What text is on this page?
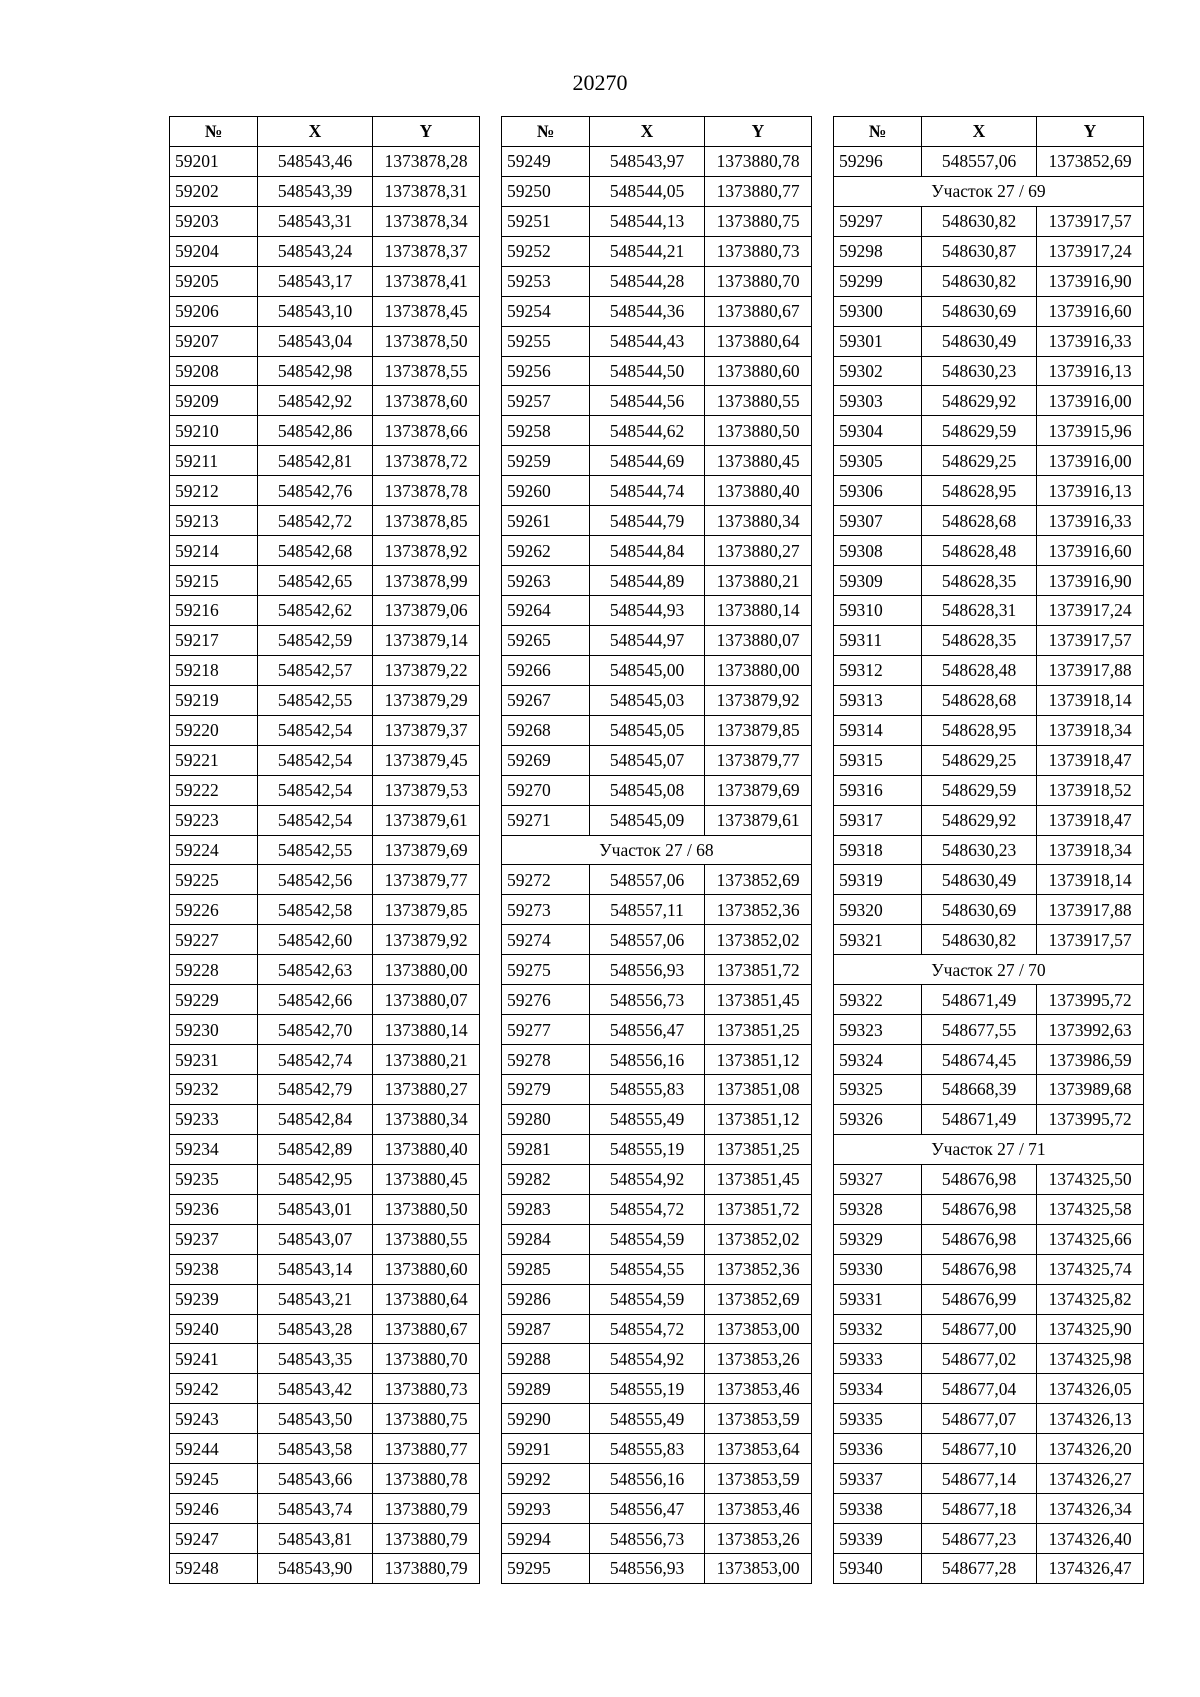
20270
№	X	Y
59201	548543,46	1373878,28
59202	548543,39	1373878,31
59203	548543,31	1373878,34
59204	548543,24	1373878,37
59205	548543,17	1373878,41
59206	548543,10	1373878,45
59207	548543,04	1373878,50
59208	548542,98	1373878,55
59209	548542,92	1373878,60
59210	548542,86	1373878,66
59211	548542,81	1373878,72
59212	548542,76	1373878,78
59213	548542,72	1373878,85
59214	548542,68	1373878,92
59215	548542,65	1373878,99
59216	548542,62	1373879,06
59217	548542,59	1373879,14
59218	548542,57	1373879,22
59219	548542,55	1373879,29
59220	548542,54	1373879,37
59221	548542,54	1373879,45
59222	548542,54	1373879,53
59223	548542,54	1373879,61
59224	548542,55	1373879,69
59225	548542,56	1373879,77
59226	548542,58	1373879,85
59227	548542,60	1373879,92
59228	548542,63	1373880,00
59229	548542,66	1373880,07
59230	548542,70	1373880,14
59231	548542,74	1373880,21
59232	548542,79	1373880,27
59233	548542,84	1373880,34
59234	548542,89	1373880,40
59235	548542,95	1373880,45
59236	548543,01	1373880,50
59237	548543,07	1373880,55
59238	548543,14	1373880,60
59239	548543,21	1373880,64
59240	548543,28	1373880,67
59241	548543,35	1373880,70
59242	548543,42	1373880,73
59243	548543,50	1373880,75
59244	548543,58	1373880,77
59245	548543,66	1373880,78
59246	548543,74	1373880,79
59247	548543,81	1373880,79
59248	548543,90	1373880,79
№	X	Y
59249	548543,97	1373880,78
59250	548544,05	1373880,77
59251	548544,13	1373880,75
59252	548544,21	1373880,73
59253	548544,28	1373880,70
59254	548544,36	1373880,67
59255	548544,43	1373880,64
59256	548544,50	1373880,60
59257	548544,56	1373880,55
59258	548544,62	1373880,50
59259	548544,69	1373880,45
59260	548544,74	1373880,40
59261	548544,79	1373880,34
59262	548544,84	1373880,27
59263	548544,89	1373880,21
59264	548544,93	1373880,14
59265	548544,97	1373880,07
59266	548545,00	1373880,00
59267	548545,03	1373879,92
59268	548545,05	1373879,85
59269	548545,07	1373879,77
59270	548545,08	1373879,69
59271	548545,09	1373879,61
Участок 27 / 68		
59272	548557,06	1373852,69
59273	548557,11	1373852,36
59274	548557,06	1373852,02
59275	548556,93	1373851,72
59276	548556,73	1373851,45
59277	548556,47	1373851,25
59278	548556,16	1373851,12
59279	548555,83	1373851,08
59280	548555,49	1373851,12
59281	548555,19	1373851,25
59282	548554,92	1373851,45
59283	548554,72	1373851,72
59284	548554,59	1373852,02
59285	548554,55	1373852,36
59286	548554,59	1373852,69
59287	548554,72	1373853,00
59288	548554,92	1373853,26
59289	548555,19	1373853,46
59290	548555,49	1373853,59
59291	548555,83	1373853,64
59292	548556,16	1373853,59
59293	548556,47	1373853,46
59294	548556,73	1373853,26
59295	548556,93	1373853,00
№	X	Y
59296	548557,06	1373852,69
Участок 27 / 69		
59297	548630,82	1373917,57
59298	548630,87	1373917,24
59299	548630,82	1373916,90
59300	548630,69	1373916,60
59301	548630,49	1373916,33
59302	548630,23	1373916,13
59303	548629,92	1373916,00
59304	548629,59	1373915,96
59305	548629,25	1373916,00
59306	548628,95	1373916,13
59307	548628,68	1373916,33
59308	548628,48	1373916,60
59309	548628,35	1373916,90
59310	548628,31	1373917,24
59311	548628,35	1373917,57
59312	548628,48	1373917,88
59313	548628,68	1373918,14
59314	548628,95	1373918,34
59315	548629,25	1373918,47
59316	548629,59	1373918,52
59317	548629,92	1373918,47
59318	548630,23	1373918,34
59319	548630,49	1373918,14
59320	548630,69	1373917,88
59321	548630,82	1373917,57
Участок 27 / 70		
59322	548671,49	1373995,72
59323	548677,55	1373992,63
59324	548674,45	1373986,59
59325	548668,39	1373989,68
59326	548671,49	1373995,72
Участок 27 / 71		
59327	548676,98	1374325,50
59328	548676,98	1374325,58
59329	548676,98	1374325,66
59330	548676,98	1374325,74
59331	548676,99	1374325,82
59332	548677,00	1374325,90
59333	548677,02	1374325,98
59334	548677,04	1374326,05
59335	548677,07	1374326,13
59336	548677,10	1374326,20
59337	548677,14	1374326,27
59338	548677,18	1374326,34
59339	548677,23	1374326,40
59340	548677,28	1374326,47
